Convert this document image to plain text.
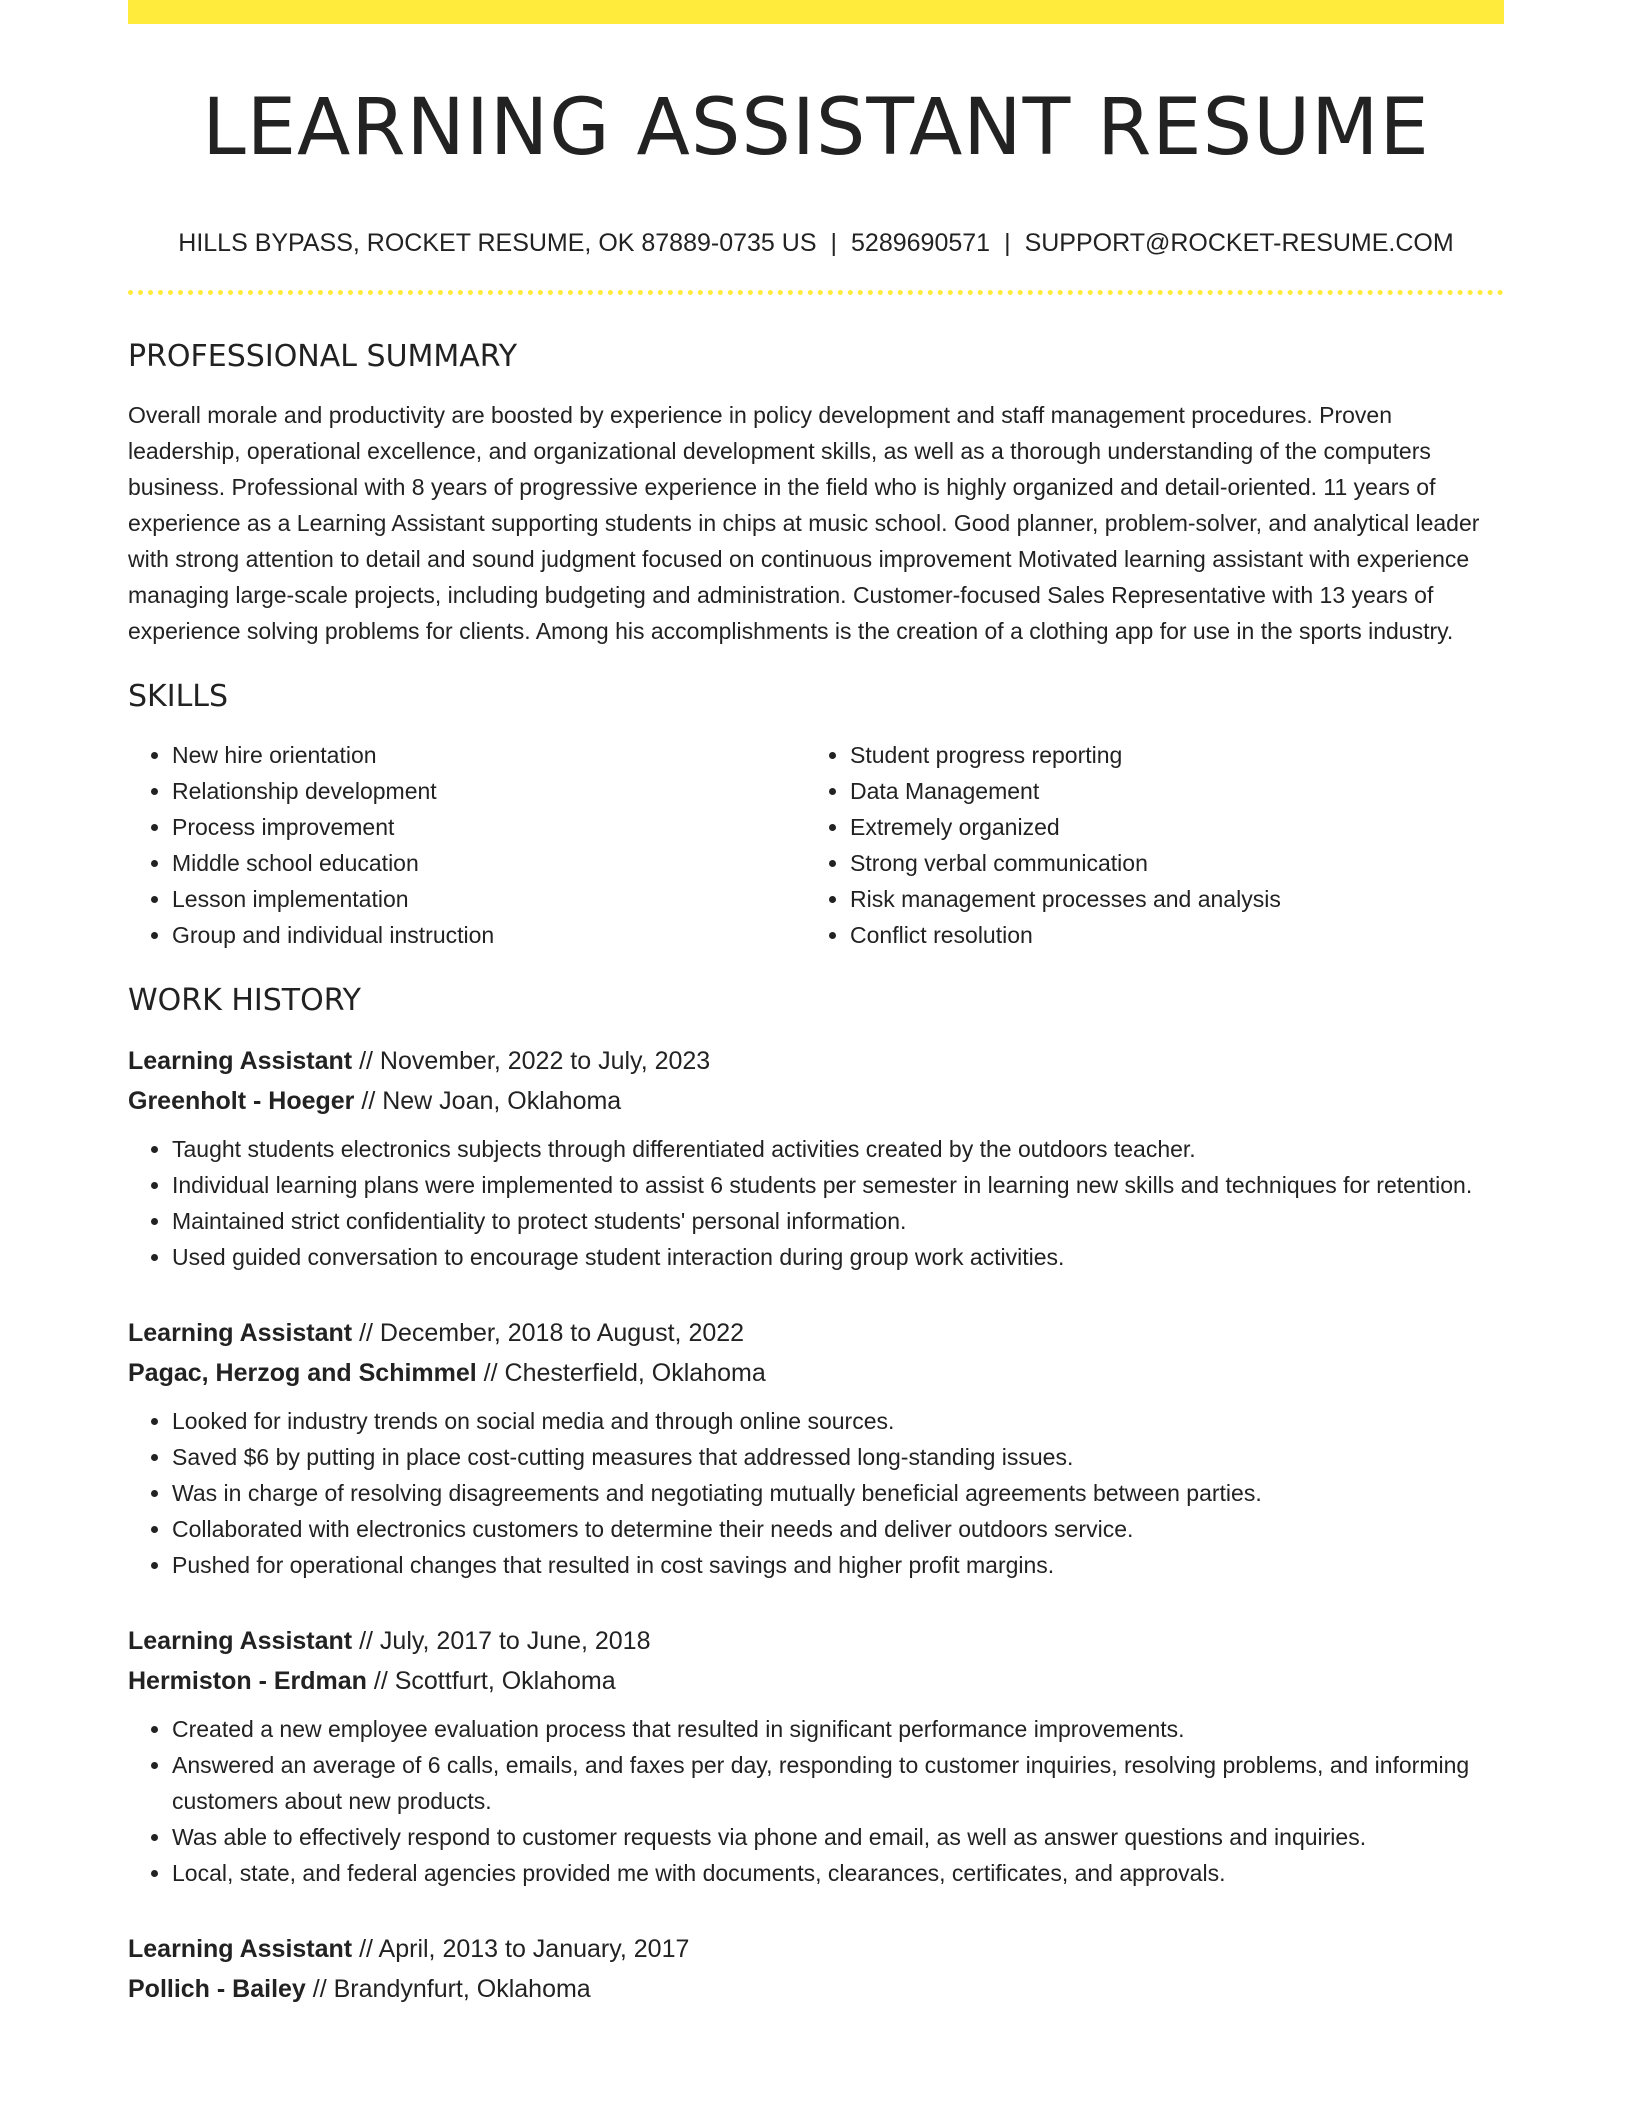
LEARNING ASSISTANT RESUME
HILLS BYPASS, ROCKET RESUME, OK 87889-0735 US | 5289690571 | SUPPORT@ROCKET-RESUME.COM
PROFESSIONAL SUMMARY
Overall morale and productivity are boosted by experience in policy development and staff management procedures. Proven leadership, operational excellence, and organizational development skills, as well as a thorough understanding of the computers business. Professional with 8 years of progressive experience in the field who is highly organized and detail-oriented. 11 years of experience as a Learning Assistant supporting students in chips at music school. Good planner, problem-solver, and analytical leader with strong attention to detail and sound judgment focused on continuous improvement Motivated learning assistant with experience managing large-scale projects, including budgeting and administration. Customer-focused Sales Representative with 13 years of experience solving problems for clients. Among his accomplishments is the creation of a clothing app for use in the sports industry.
SKILLS
• New hire orientation
• Relationship development
• Process improvement
• Middle school education
• Lesson implementation
• Group and individual instruction
• Student progress reporting
• Data Management
• Extremely organized
• Strong verbal communication
• Risk management processes and analysis
• Conflict resolution
WORK HISTORY
Learning Assistant // November, 2022 to July, 2023
Greenholt - Hoeger // New Joan, Oklahoma
• Taught students electronics subjects through differentiated activities created by the outdoors teacher.
• Individual learning plans were implemented to assist 6 students per semester in learning new skills and techniques for retention.
• Maintained strict confidentiality to protect students' personal information.
• Used guided conversation to encourage student interaction during group work activities.
Learning Assistant // December, 2018 to August, 2022
Pagac, Herzog and Schimmel // Chesterfield, Oklahoma
• Looked for industry trends on social media and through online sources.
• Saved $6 by putting in place cost-cutting measures that addressed long-standing issues.
• Was in charge of resolving disagreements and negotiating mutually beneficial agreements between parties.
• Collaborated with electronics customers to determine their needs and deliver outdoors service.
• Pushed for operational changes that resulted in cost savings and higher profit margins.
Learning Assistant // July, 2017 to June, 2018
Hermiston - Erdman // Scottfurt, Oklahoma
• Created a new employee evaluation process that resulted in significant performance improvements.
• Answered an average of 6 calls, emails, and faxes per day, responding to customer inquiries, resolving problems, and informing customers about new products.
• Was able to effectively respond to customer requests via phone and email, as well as answer questions and inquiries.
• Local, state, and federal agencies provided me with documents, clearances, certificates, and approvals.
Learning Assistant // April, 2013 to January, 2017
Pollich - Bailey // Brandynfurt, Oklahoma
